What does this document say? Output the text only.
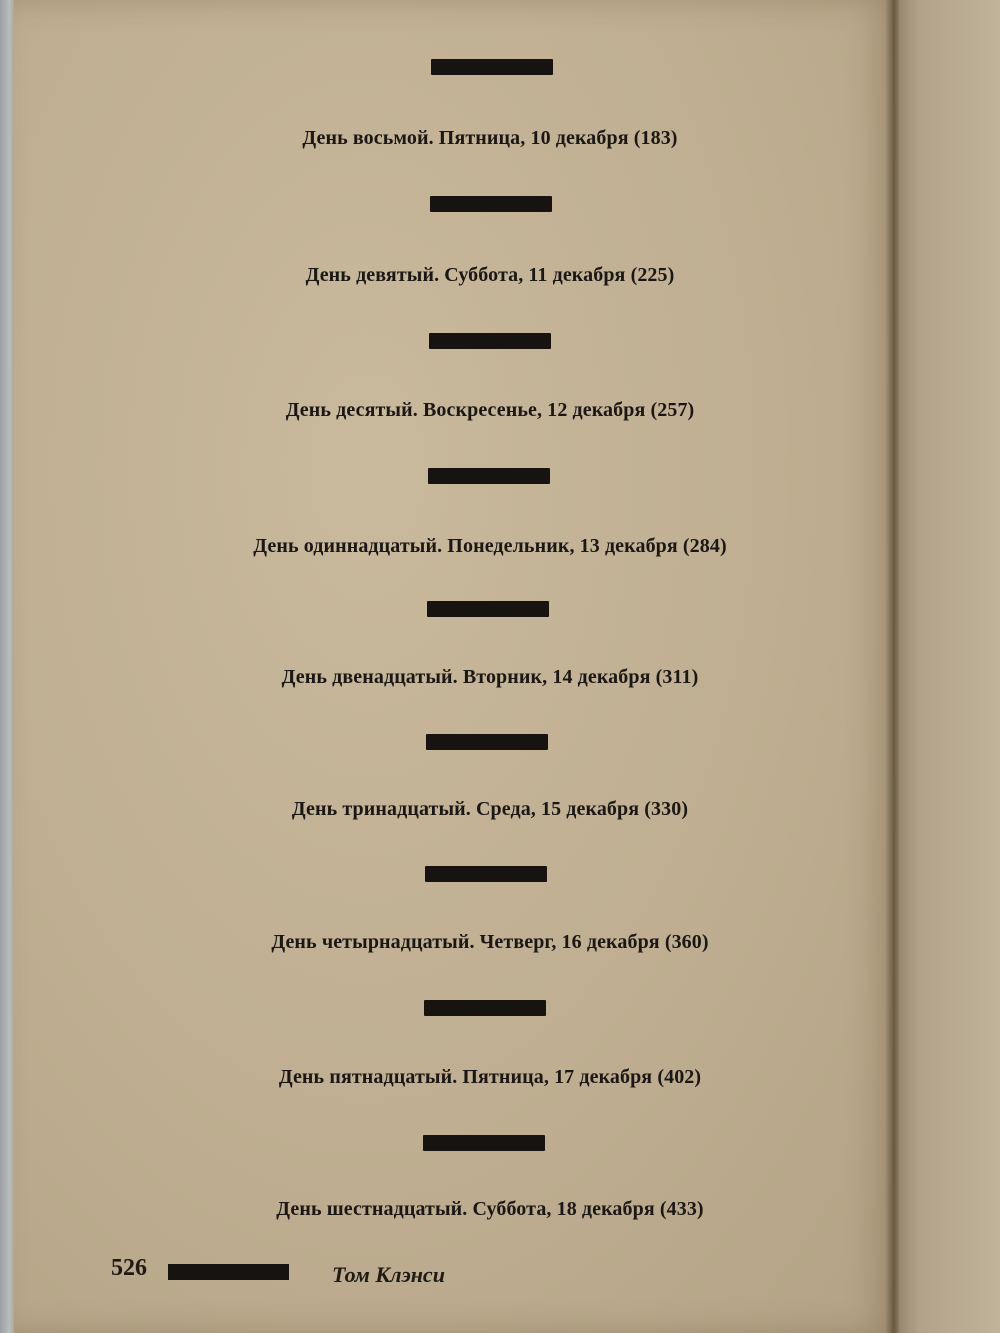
День восьмой. Пятница, 10 декабря (183)
День девятый. Суббота, 11 декабря (225)
День десятый. Воскресенье, 12 декабря (257)
День одиннадцатый. Понедельник, 13 декабря (284)
День двенадцатый. Вторник, 14 декабря (311)
День тринадцатый. Среда, 15 декабря (330)
День четырнадцатый. Четверг, 16 декабря (360)
День пятнадцатый. Пятница, 17 декабря (402)
День шестнадцатый. Суббота, 18 декабря (433)
526	Том Клэнси
